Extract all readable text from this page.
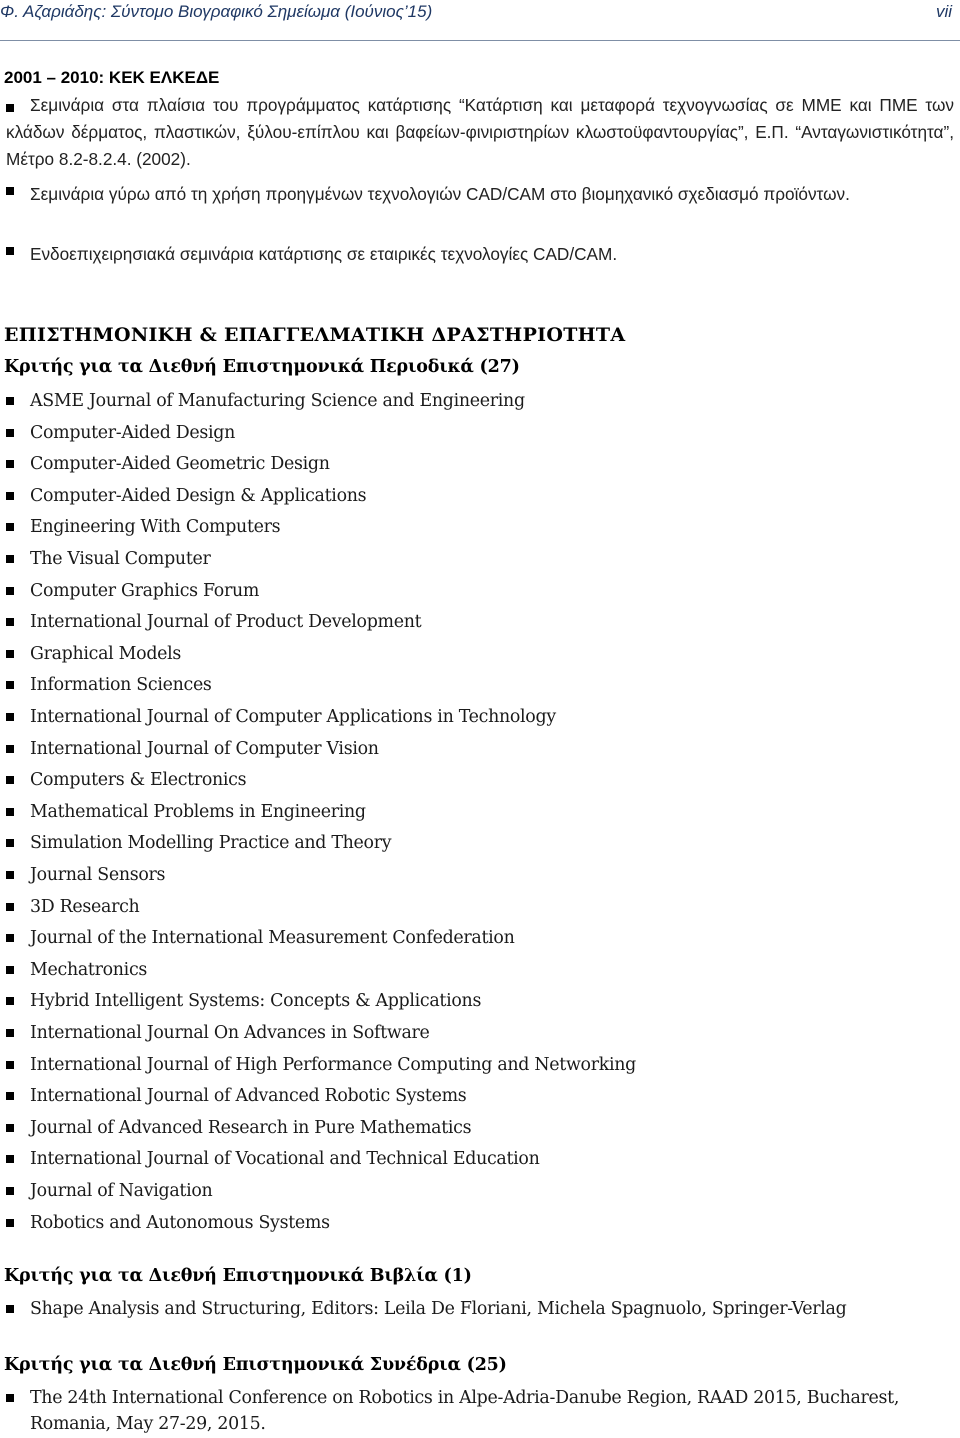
Φ. Αζαριάδης: Σύντομο Βιογραφικό Σημείωμα (Ιούνιος’15)	vii
2001 – 2010: ΚΕΚ ΕΛΚΕΔΕ
Σεμινάρια στα πλαίσια του προγράμματος κατάρτισης “Κατάρτιση και μεταφορά τεχνογνωσίας σε ΜΜΕ και ΠΜΕ των κλάδων δέρματος, πλαστικών, ξύλου-επίπλου και βαφείων-φινιριστηρίων κλωστοϋφαντουργίας”, Ε.Π. “Ανταγωνιστικότητα”, Μέτρο 8.2-8.2.4. (2002).
Σεμινάρια γύρω από τη χρήση προηγμένων τεχνολογιών CAD/CAM στο βιομηχανικό σχεδιασμό προϊόντων.
Ενδοεπιχειρησιακά σεμινάρια κατάρτισης σε εταιρικές τεχνολογίες CAD/CAM.
ΕΠΙΣΤΗΜΟΝΙΚΗ & ΕΠΑΓΓΕΛΜΑΤΙΚΗ ΔΡΑΣΤΗΡΙΟΤΗΤΑ
Κριτής για τα Διεθνή Επιστημονικά Περιοδικά (27)
ASME Journal of Manufacturing Science and Engineering
Computer-Aided Design
Computer-Aided Geometric Design
Computer-Aided Design & Applications
Engineering With Computers
The Visual Computer
Computer Graphics Forum
International Journal of Product Development
Graphical Models
Information Sciences
International Journal of Computer Applications in Technology
International Journal of Computer Vision
Computers & Electronics
Mathematical Problems in Engineering
Simulation Modelling Practice and Theory
Journal Sensors
3D Research
Journal of the International Measurement Confederation
Mechatronics
Hybrid Intelligent Systems: Concepts & Applications
International Journal On Advances in Software
International Journal of High Performance Computing and Networking
International Journal of Advanced Robotic Systems
Journal of Advanced Research in Pure Mathematics
International Journal of Vocational and Technical Education
Journal of Navigation
Robotics and Autonomous Systems
Κριτής για τα Διεθνή Επιστημονικά Βιβλία (1)
Shape Analysis and Structuring, Editors: Leila De Floriani, Michela Spagnuolo, Springer-Verlag
Κριτής για τα Διεθνή Επιστημονικά Συνέδρια (25)
The 24th International Conference on Robotics in Alpe-Adria-Danube Region, RAAD 2015, Bucharest, Romania, May 27-29, 2015.
